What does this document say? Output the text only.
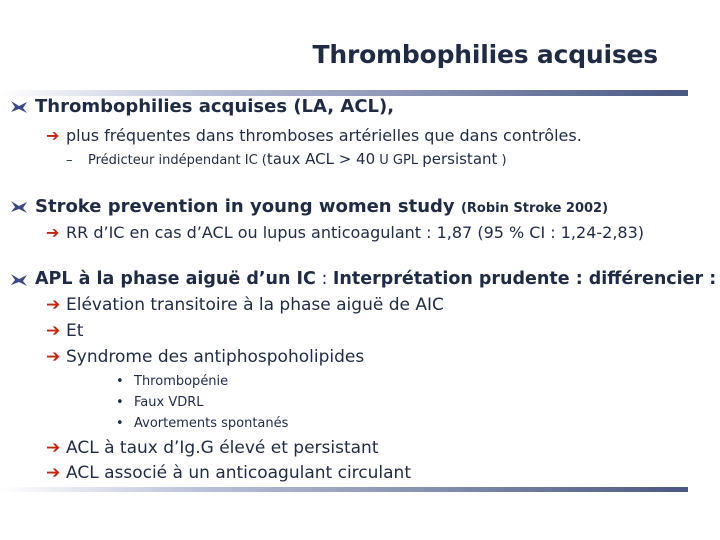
Thrombophilies acquises
Thrombophilies acquises (LA, ACL),
➔ plus fréquentes dans thromboses artérielles que dans contrôles.
– Prédicteur indépendant IC (taux ACL > 40 U GPL persistant )
Stroke prevention in young women study (Robin Stroke 2002)
➔ RR d’IC en cas d’ACL ou lupus anticoagulant : 1,87 (95 % CI : 1,24-2,83)
APL à la phase aiguë d’un IC : Interprétation prudente : différencier :
➔ Elévation transitoire à la phase aiguë de AIC
➔ Et
➔ Syndrome des antiphospoholipides
• Thrombopénie
• Faux VDRL
• Avortements spontanés
➔ ACL à taux d’Ig.G élevé et persistant
➔ ACL associé à un anticoagulant circulant
